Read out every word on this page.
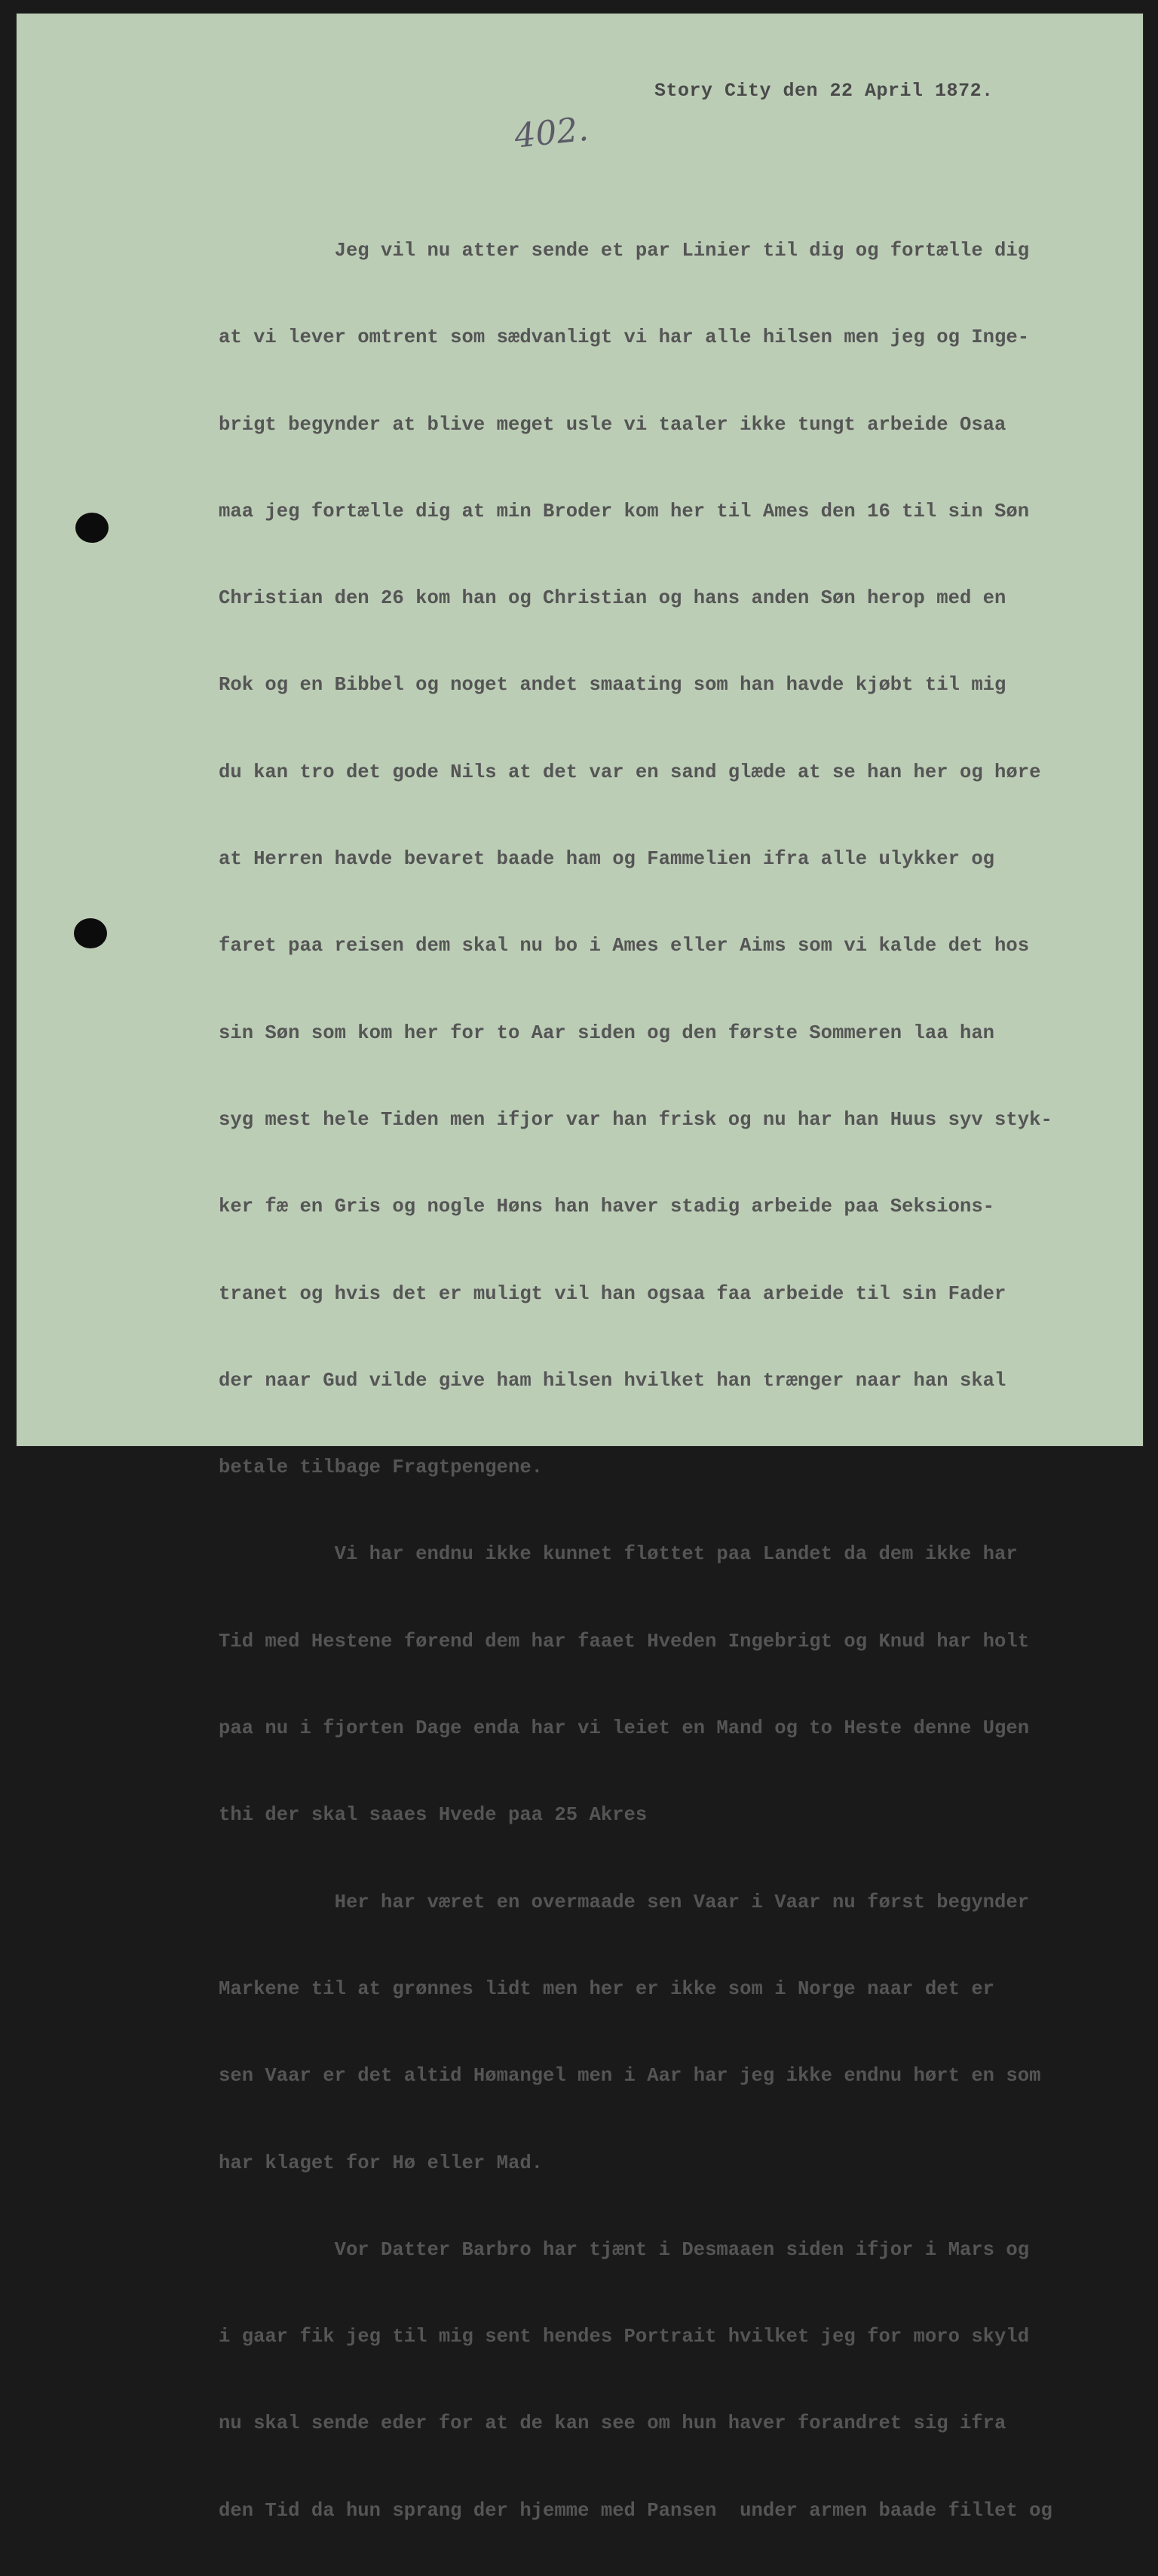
Story City den 22 April 1872.
402.

Jeg vil nu atter sende et par Linier til dig og fortælle dig

at vi lever omtrent som sædvanligt vi har alle hilsen men jeg og Inge-

brigt begynder at blive meget usle vi taaler ikke tungt arbeide Osaa

maa jeg fortælle dig at min Broder kom her til Ames den 16 til sin Søn

Christian den 26 kom han og Christian og hans anden Søn herop med en

Rok og en Bibbel og noget andet smaating som han havde kjøbt til mig

du kan tro det gode Nils at det var en sand glæde at se han her og høre

at Herren havde bevaret baade ham og Fammelien ifra alle ulykker og

faret paa reisen dem skal nu bo i Ames eller Aims som vi kalde det hos

sin Søn som kom her for to Aar siden og den første Sommeren laa han

syg mest hele Tiden men ifjor var han frisk og nu har han Huus syv styk-

ker fæ en Gris og nogle Høns han haver stadig arbeide paa Seksions-

tranet og hvis det er muligt vil han ogsaa faa arbeide til sin Fader

der naar Gud vilde give ham hilsen hvilket han trænger naar han skal

betale tilbage Fragtpengene.

Vi har endnu ikke kunnet fløttet paa Landet da dem ikke har

Tid med Hestene førend dem har faaet Hveden Ingebrigt og Knud har holt

paa nu i fjorten Dage enda har vi leiet en Mand og to Heste denne Ugen

thi der skal saaes Hvede paa 25 Akres

Her har været en overmaade sen Vaar i Vaar nu først begynder

Markene til at grønnes lidt men her er ikke som i Norge naar det er

sen Vaar er det altid Hømangel men i Aar har jeg ikke endnu hørt en som

har klaget for Hø eller Mad.

Vor Datter Barbro har tjænt i Desmaaen siden ifjor i Mars og

i gaar fik jeg til mig sent hendes Portrait hvilket jeg for moro skyld

nu skal sende eder for at de kan see om hun haver forandret sig ifra

den Tid da hun sprang der hjemme med Pansen  under armen baade fillet og
